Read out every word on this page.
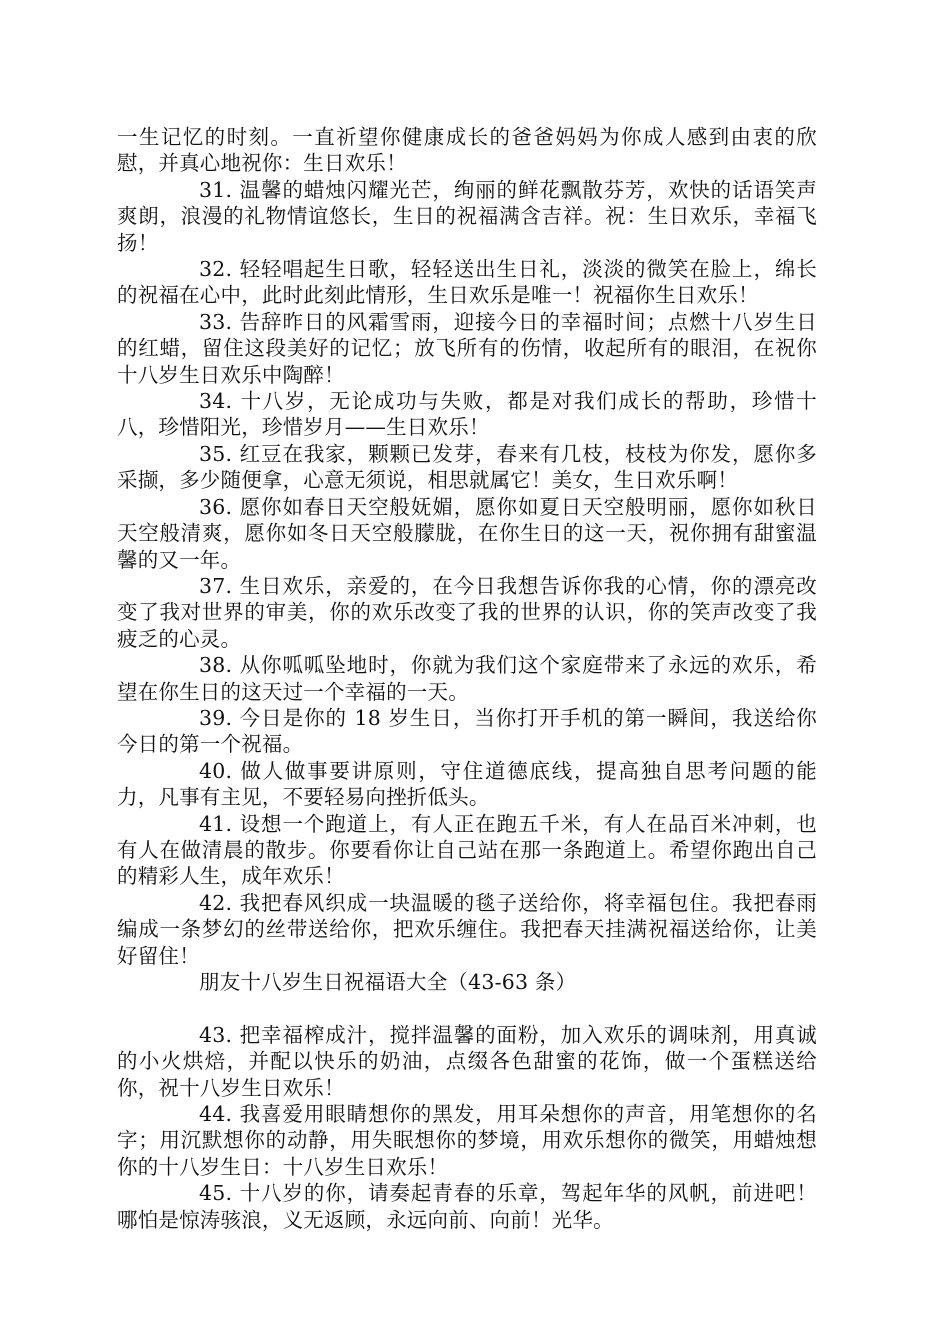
一生记忆的时刻。一直祈望你健康成长的爸爸妈妈为你成人感到由衷的欣慰，并真心地祝你：生日欢乐！

31. 温馨的蜡烛闪耀光芒，绚丽的鲜花飘散芬芳，欢快的话语笑声爽朗，浪漫的礼物情谊悠长，生日的祝福满含吉祥。祝：生日欢乐，幸福飞扬！

32. 轻轻唱起生日歌，轻轻送出生日礼，淡淡的微笑在脸上，绵长的祝福在心中，此时此刻此情形，生日欢乐是唯一！祝福你生日欢乐！

33. 告辞昨日的风霜雪雨，迎接今日的幸福时间；点燃十八岁生日的红蜡，留住这段美好的记忆；放飞所有的伤情，收起所有的眼泪，在祝你十八岁生日欢乐中陶醉！

34. 十八岁，无论成功与失败，都是对我们成长的帮助，珍惜十八，珍惜阳光，珍惜岁月——生日欢乐！

35. 红豆在我家，颗颗已发芽，春来有几枝，枝枝为你发，愿你多采撷，多少随便拿，心意无须说，相思就属它！美女，生日欢乐啊！

36. 愿你如春日天空般妩媚，愿你如夏日天空般明丽，愿你如秋日天空般清爽，愿你如冬日天空般朦胧，在你生日的这一天，祝你拥有甜蜜温馨的又一年。

37. 生日欢乐，亲爱的，在今日我想告诉你我的心情，你的漂亮改变了我对世界的审美，你的欢乐改变了我的世界的认识，你的笑声改变了我疲乏的心灵。

38. 从你呱呱坠地时，你就为我们这个家庭带来了永远的欢乐，希望在你生日的这天过一个幸福的一天。

39. 今日是你的 18 岁生日，当你打开手机的第一瞬间，我送给你今日的第一个祝福。

40. 做人做事要讲原则，守住道德底线，提高独自思考问题的能力，凡事有主见，不要轻易向挫折低头。

41. 设想一个跑道上，有人正在跑五千米，有人在品百米冲刺，也有人在做清晨的散步。你要看你让自己站在那一条跑道上。希望你跑出自己的精彩人生，成年欢乐！

42. 我把春风织成一块温暖的毯子送给你，将幸福包住。我把春雨编成一条梦幻的丝带送给你，把欢乐缠住。我把春天挂满祝福送给你，让美好留住！

朋友十八岁生日祝福语大全（43-63 条）

43. 把幸福榨成汁，搅拌温馨的面粉，加入欢乐的调味剂，用真诚的小火烘焙，并配以快乐的奶油，点缀各色甜蜜的花饰，做一个蛋糕送给你，祝十八岁生日欢乐！

44. 我喜爱用眼睛想你的黑发，用耳朵想你的声音，用笔想你的名字；用沉默想你的动静，用失眠想你的梦境，用欢乐想你的微笑，用蜡烛想你的十八岁生日：十八岁生日欢乐！

45. 十八岁的你，请奏起青春的乐章，驾起年华的风帆，前进吧！哪怕是惊涛骇浪，义无返顾，永远向前、向前！光华。
